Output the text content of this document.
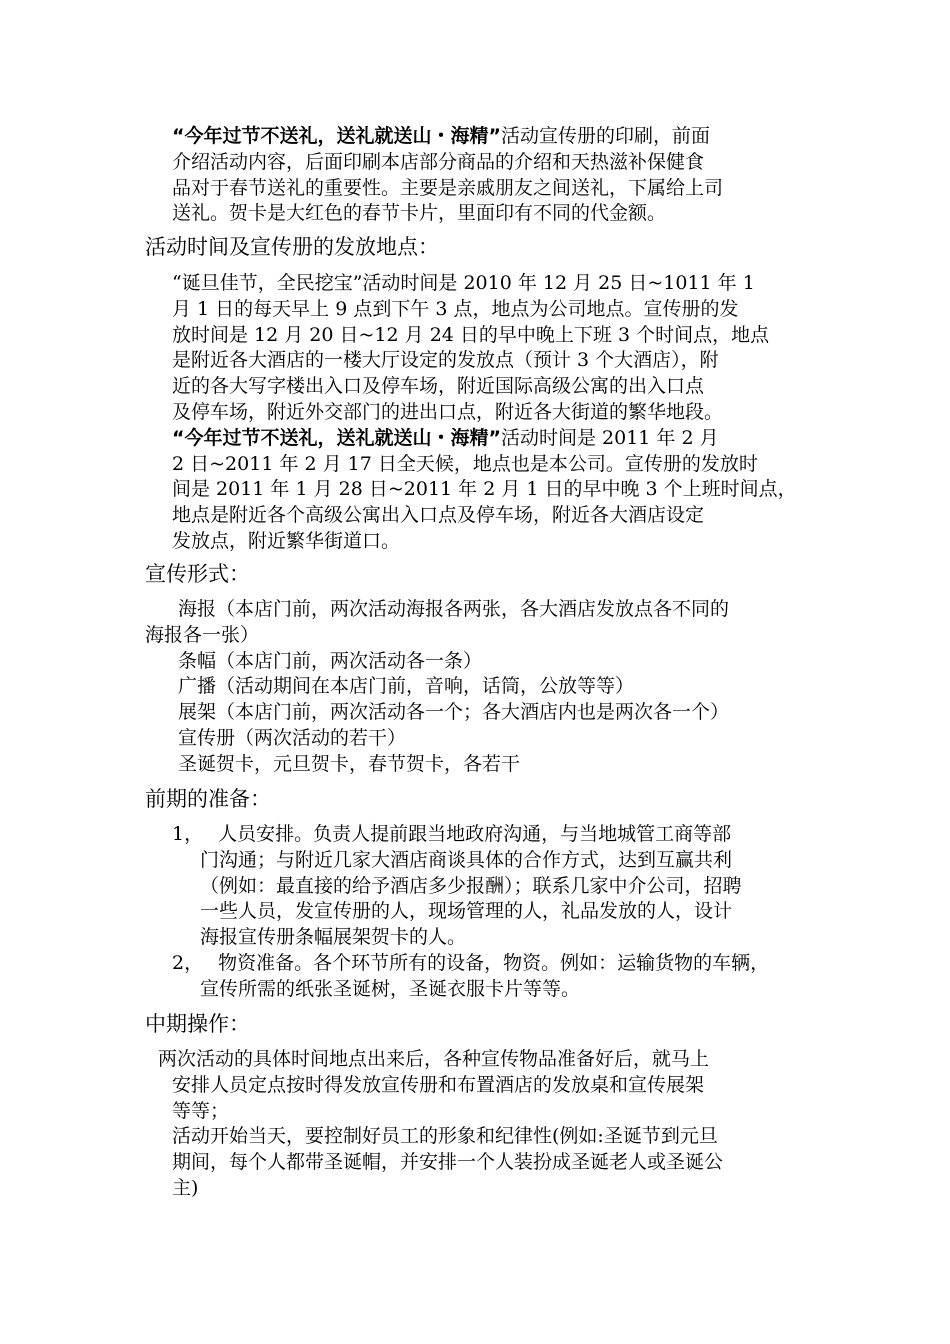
“今年过节不送礼，送礼就送山・海精”活动宣传册的印刷，前面
介绍活动内容，后面印刷本店部分商品的介绍和天热滋补保健食
品对于春节送礼的重要性。主要是亲戚朋友之间送礼，下属给上司
送礼。贺卡是大红色的春节卡片，里面印有不同的代金额。
活动时间及宣传册的发放地点：
“诞旦佳节，全民挖宝”活动时间是 2010 年 12 月 25 日~1011 年 1
月 1 日的每天早上 9 点到下午 3 点，地点为公司地点。宣传册的发
放时间是 12 月 20 日~12 月 24 日的早中晚上下班 3 个时间点，地点
是附近各大酒店的一楼大厅设定的发放点（预计 3 个大酒店），附
近的各大写字楼出入口及停车场，附近国际高级公寓的出入口点
及停车场，附近外交部门的进出口点，附近各大街道的繁华地段。
“今年过节不送礼，送礼就送山・海精”活动时间是 2011 年 2 月
2 日~2011 年 2 月 17 日全天候，地点也是本公司。宣传册的发放时
间是 2011 年 1 月 28 日~2011 年 2 月 1 日的早中晚 3 个上班时间点，
地点是附近各个高级公寓出入口点及停车场，附近各大酒店设定
发放点，附近繁华街道口。
宣传形式：
海报（本店门前，两次活动海报各两张，各大酒店发放点各不同的
海报各一张）
条幅（本店门前，两次活动各一条）
广播（活动期间在本店门前，音响，话筒，公放等等）
展架（本店门前，两次活动各一个；各大酒店内也是两次各一个）
宣传册（两次活动的若干）
圣诞贺卡，元旦贺卡，春节贺卡，各若干
前期的准备：
1， 人员安排。负责人提前跟当地政府沟通，与当地城管工商等部
门沟通；与附近几家大酒店商谈具体的合作方式，达到互赢共利
（例如：最直接的给予酒店多少报酬）；联系几家中介公司，招聘
一些人员，发宣传册的人，现场管理的人，礼品发放的人，设计
海报宣传册条幅展架贺卡的人。
2， 物资准备。各个环节所有的设备，物资。例如：运输货物的车辆，
宣传所需的纸张圣诞树，圣诞衣服卡片等等。
中期操作：
两次活动的具体时间地点出来后，各种宣传物品准备好后，就马上
安排人员定点按时得发放宣传册和布置酒店的发放桌和宣传展架
等等；
活动开始当天，要控制好员工的形象和纪律性(例如:圣诞节到元旦
期间，每个人都带圣诞帽，并安排一个人装扮成圣诞老人或圣诞公
主)
